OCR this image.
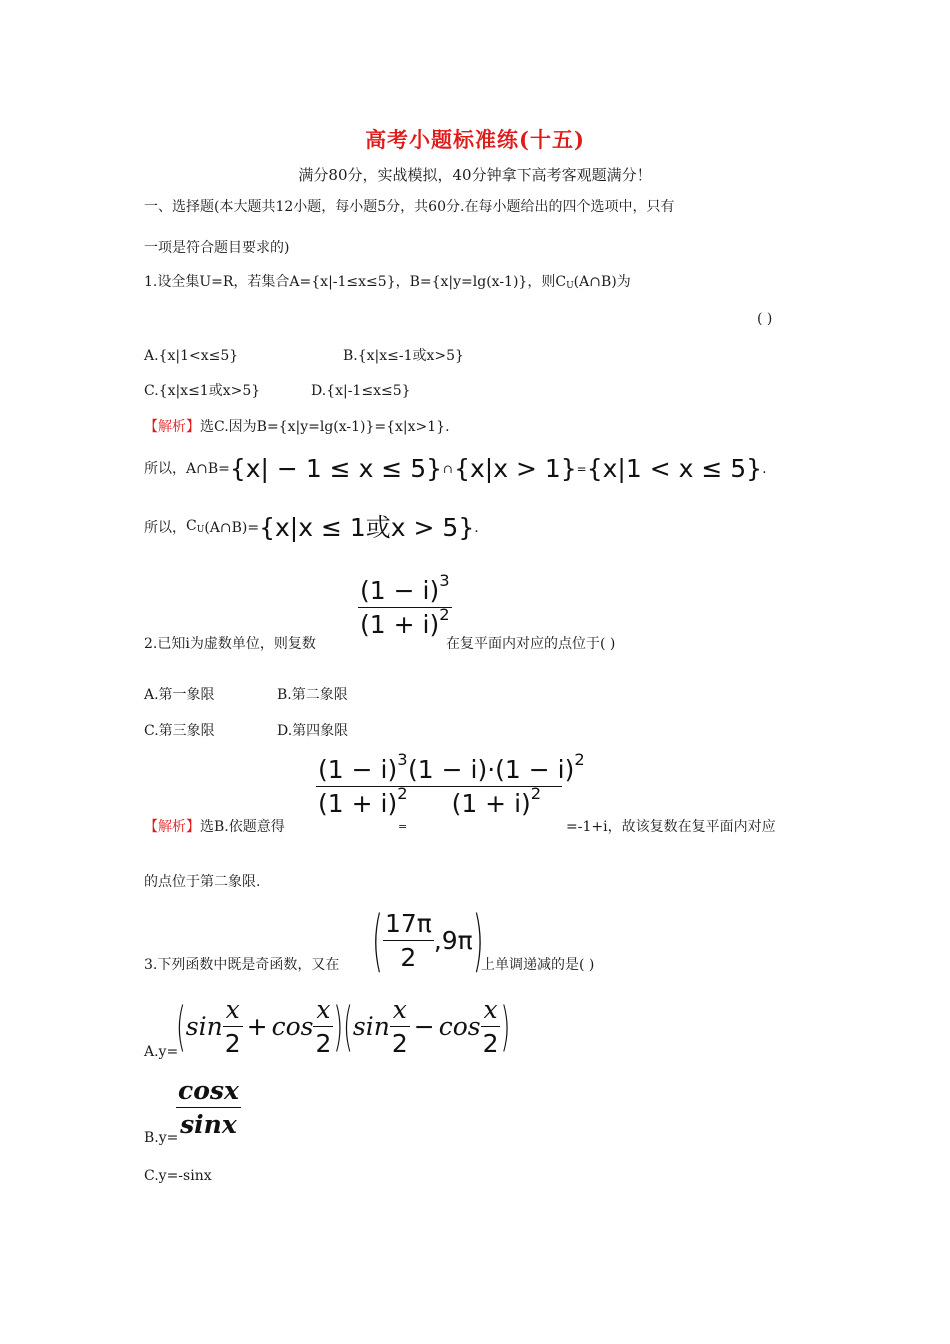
高考小题标准练(十五)
满分80分，实战模拟，40分钟拿下高考客观题满分！
一、选择题(本大题共12小题，每小题5分，共60分.在每小题给出的四个选项中，只有
一项是符合题目要求的)
1.设全集U=R，若集合A={x|-1≤x≤5}，B={x|y=lg(x-1)}，则$C_U(A\cap B)$为
( )
A.{x|1<x≤5}	B.{x|x≤-1或x>5}
C.{x|x≤1或x>5}	D.{x|-1≤x≤5}
【解析】选C.因为B={x|y=lg(x-1)}={x|x>1}.
所以，A∩B= {x| − 1 ≤ x ≤ 5} ∩ {x|x > 1} = {x|1 < x ≤ 5} .
所以， $C_U$ (A∩B)= {x|x ≤ 1或x > 5} .
$\frac{(1 - i)^3}{(1 + i)^2}$
2.已知i为虚数单位，则复数	在复平面内对应的点位于( )
A.第一象限	B.第二象限
C.第三象限	D.第四象限
$\frac{(1 - i)^3}{(1 + i)^2}$
$\frac{(1 - i)\cdot(1 - i)^2}{(1 + i)^2}$
【解析】选B.依题意得	=	=-1+i，故该复数在复平面内对应
的点位于第二象限.
3.下列函数中既是奇函数，又在 ( $\frac{17\pi}{2} ,9\pi$ )
上单调递减的是( )
A.y=
( $\sin \frac{x}{2} + \cos \frac{x}{2}$ ) ( $\sin \frac{x}{2} - \cos \frac{x}{2}$ )
B.y=
$\frac{\cos x}{\sin x}$
C.y=-sinx
